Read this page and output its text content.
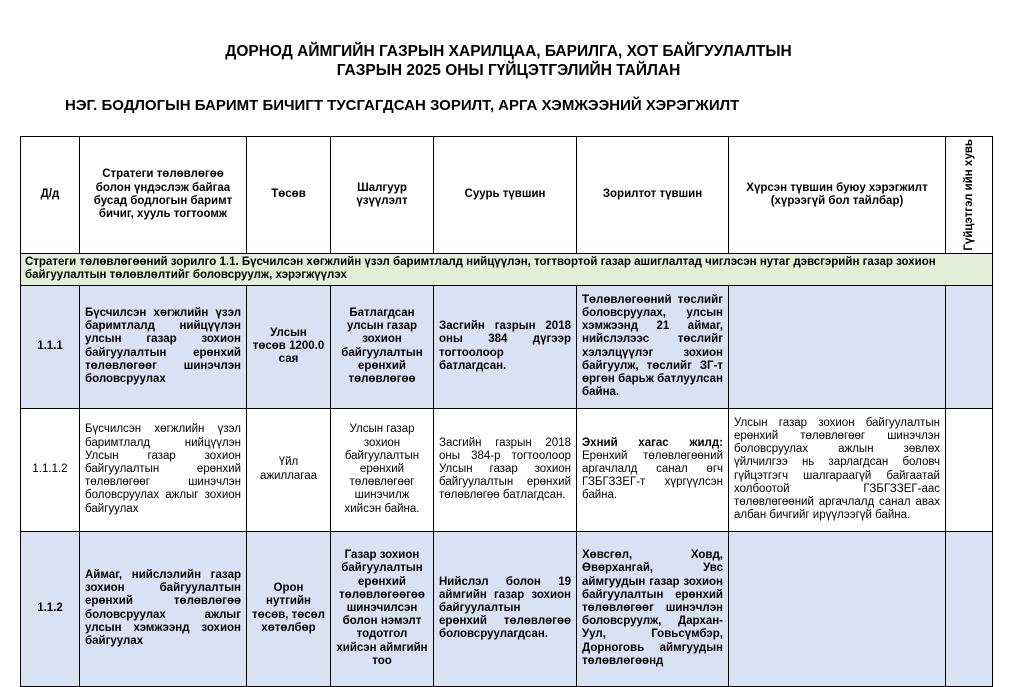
ДОРНОД АЙМГИЙН ГАЗРЫН ХАРИЛЦАА, БАРИЛГА, ХОТ БАЙГУУЛАЛТЫН
ГАЗРЫН 2025 ОНЫ ГҮЙЦЭТГЭЛИЙН ТАЙЛАН
НЭГ. БОДЛОГЫН БАРИМТ БИЧИГТ ТУСГАГДСАН ЗОРИЛТ, АРГА ХЭМЖЭЭНИЙ ХЭРЭГЖИЛТ
Д/д	Стратеги төлөвлөгөө болон үндэслэж байгаа бусад бодлогын баримт бичиг, хууль тогтоомж	Төсөв	Шалгуур үзүүлэлт	Суурь түвшин	Зорилтот түвшин	Хүрсэн түвшин буюу хэрэгжилт (хүрээгүй бол тайлбар)	Гүйцэтгэл ийн хувь

Стратеги төлөвлөгөөний зорилго 1.1. Бүсчилсэн хөгжлийн үзэл баримтлалд нийцүүлэн, тогтвортой газар ашиглалтад чиглэсэн нутаг дэвсгэрийн газар зохион байгуулалтын төлөвлөлтийг боловсруулж, хэрэгжүүлэх							
1.1.1	Бүсчилсэн хөгжлийн үзэл баримтлалд нийцүүлэн улсын газар зохион байгуулалтын ерөнхий төлөвлөгөөг шинэчлэн боловсруулах	Улсын төсөв 1200.0 сая	Батлагдсан улсын газар зохион байгуулалтын ерөнхий төлөвлөгөө	Засгийн газрын 2018 оны 384 дүгээр тогтоолоор батлагдсан.	Төлөвлөгөөний төслийг боловсруулах, улсын хэмжээнд 21 аймаг, нийслэлээс төслийг хэлэлцүүлэг зохион байгуулж, төслийг ЗГ-т өргөн барьж батлуулсан байна.		
1.1.1.2	Бүсчилсэн хөгжлийн үзэл баримтлалд нийцүүлэн Улсын газар зохион байгуулалтын ерөнхий төлөвлөгөөг шинэчлэн боловсруулах ажлыг зохион байгуулах	Үйл ажиллагаа	Улсын газар зохион байгуулалтын ерөнхий төлөвлөгөөг шинэчилж хийсэн байна.	Засгийн газрын 2018 оны 384-р тогтоолоор Улсын газар зохион байгуулалтын ерөнхий төлөвлөгөө батлагдсан.	Эхний хагас жилд: Ерөнхий төлөвлөгөөний аргачлалд санал өгч ГЗБГЗЗЕГ-т хүргүүлсэн байна.	Улсын газар зохион байгуулалтын ерөнхий төлөвлөгөөг шинэчлэн боловсруулах ажлын зөвлөх үйлчилгээ нь зарлагдсан боловч гүйцэтгэгч шалгараагүй байгаатай холбоотой ГЗБГЗЗЕГ-аас төлөвлөгөөний аргачлалд санал авах албан бичгийг ирүүлээгүй байна.	
1.1.2	Аймаг, нийслэлийн газар зохион байгуулалтын ерөнхий төлөвлөгөө боловсруулах ажлыг улсын хэмжээнд зохион байгуулах	Орон нутгийн төсөв, төсөл хөтөлбөр	Газар зохион байгуулалтын ерөнхий төлөвлөгөөгөө шинэчилсэн болон нэмэлт тодотгол хийсэн аймгийн тоо	Нийслэл болон 19 аймгийн газар зохион байгуулалтын ерөнхий төлөвлөгөө боловсруулагдсан.	Хөвсгөл, Ховд, Өвөрхангай, Увс аймгуудын газар зохион байгуулалтын ерөнхий төлөвлөгөөг шинэчлэн боловсруулж, Дархан-Уул, Говьсүмбэр, Дорноговь аймгуудын төлөвлөгөөнд		
